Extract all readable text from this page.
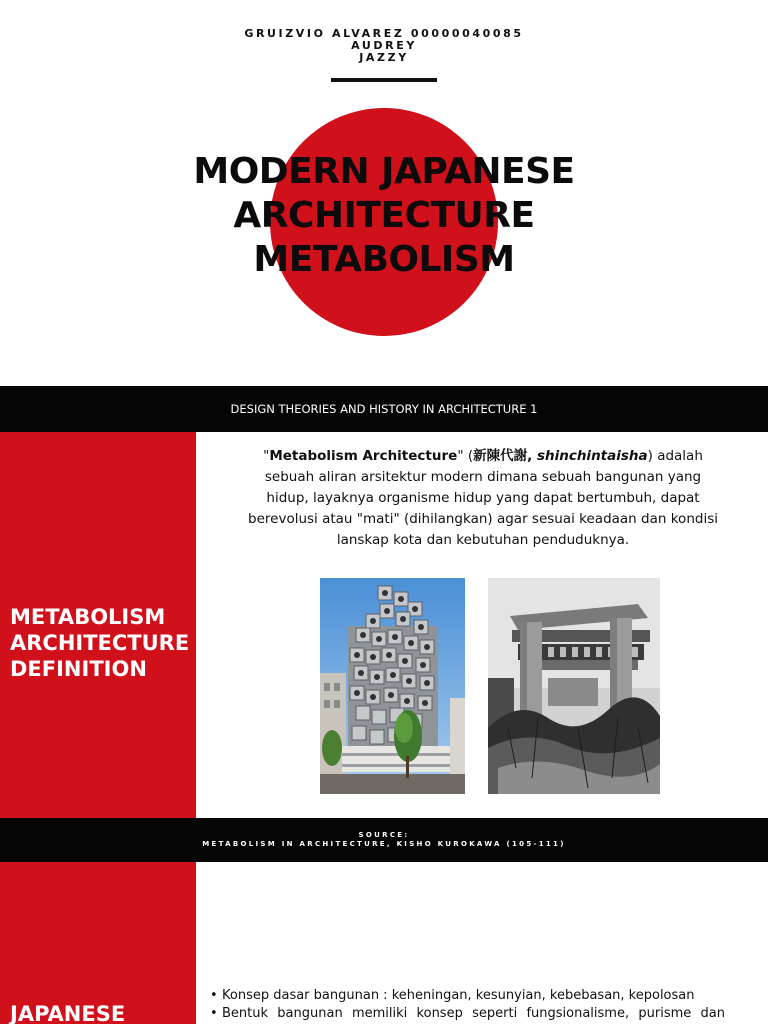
GRUIZVIO ALVAREZ 00000040085
AUDREY
JAZZY
MODERN JAPANESE
ARCHITECTURE
METABOLISM
DESIGN THEORIES AND HISTORY IN ARCHITECTURE 1
METABOLISM
ARCHITECTURE
DEFINITION
"Metabolism Architecture" (新陳代謝, shinchintaisha) adalah
sebuah aliran arsitektur modern dimana sebuah bangunan yang
hidup, layaknya organisme hidup yang dapat bertumbuh, dapat
berevolusi atau "mati" (dihilangkan) agar sesuai keadaan dan kondisi
lanskap kota dan kebutuhan penduduknya.
SOURCE:
METABOLISM IN ARCHITECTURE, KISHO KUROKAWA (105-111)
JAPANESE
• Konsep dasar bangunan : keheningan, kesunyian, kebebasan, kepolosan
• Bentuk bangunan memiliki konsep seperti fungsionalisme, purisme dan
